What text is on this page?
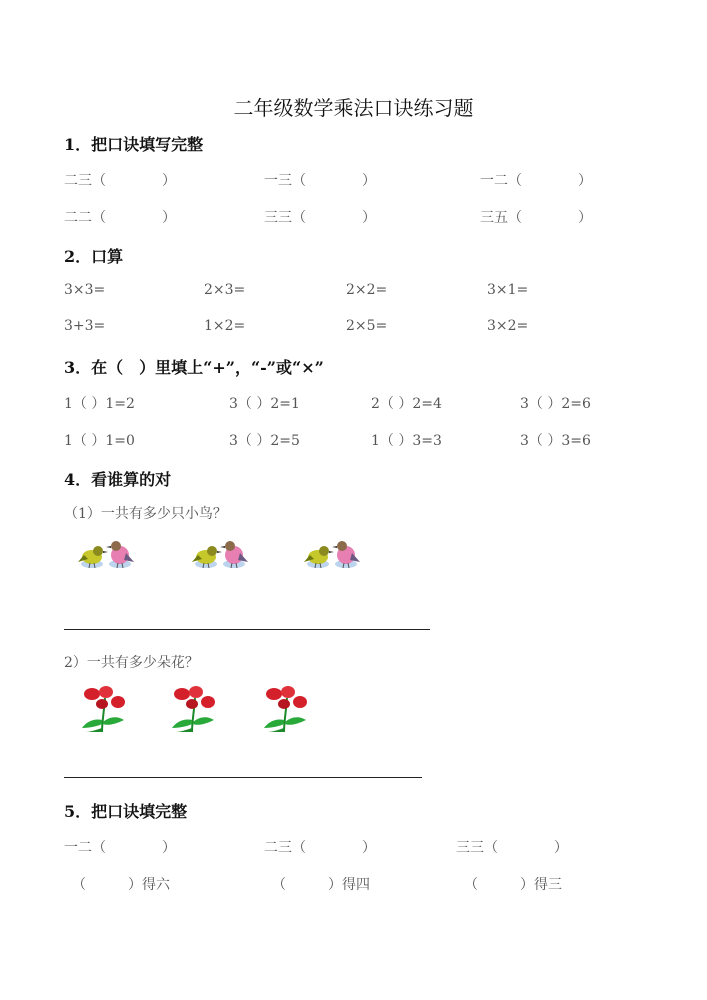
二年级数学乘法口诀练习题
1．把口诀填写完整
二三（　　　　）	一三（　　　　）	一二（　　　　）
二二（　　　　）	三三（　　　　）	三五（　　　　）
2．口算
3×3=	2×3=	2×2=	3×1=
3+3=	1×2=	2×5=	3×2=
3．在（　）里填上“+”，“-”或“×”
1（ ）1=2	3（ ）2=1	2（ ）2=4	3（ ）2=6
1（ ）1=0	3（ ）2=5	1（ ）3=3	3（ ）3=6
4．看谁算的对
（1）一共有多少只小鸟？
2）一共有多少朵花？
5．把口诀填完整
一二（　　　　）	二三（　　　　）	三三（　　　　）
（　　　）得六	（　　　）得四	（　　　）得三
